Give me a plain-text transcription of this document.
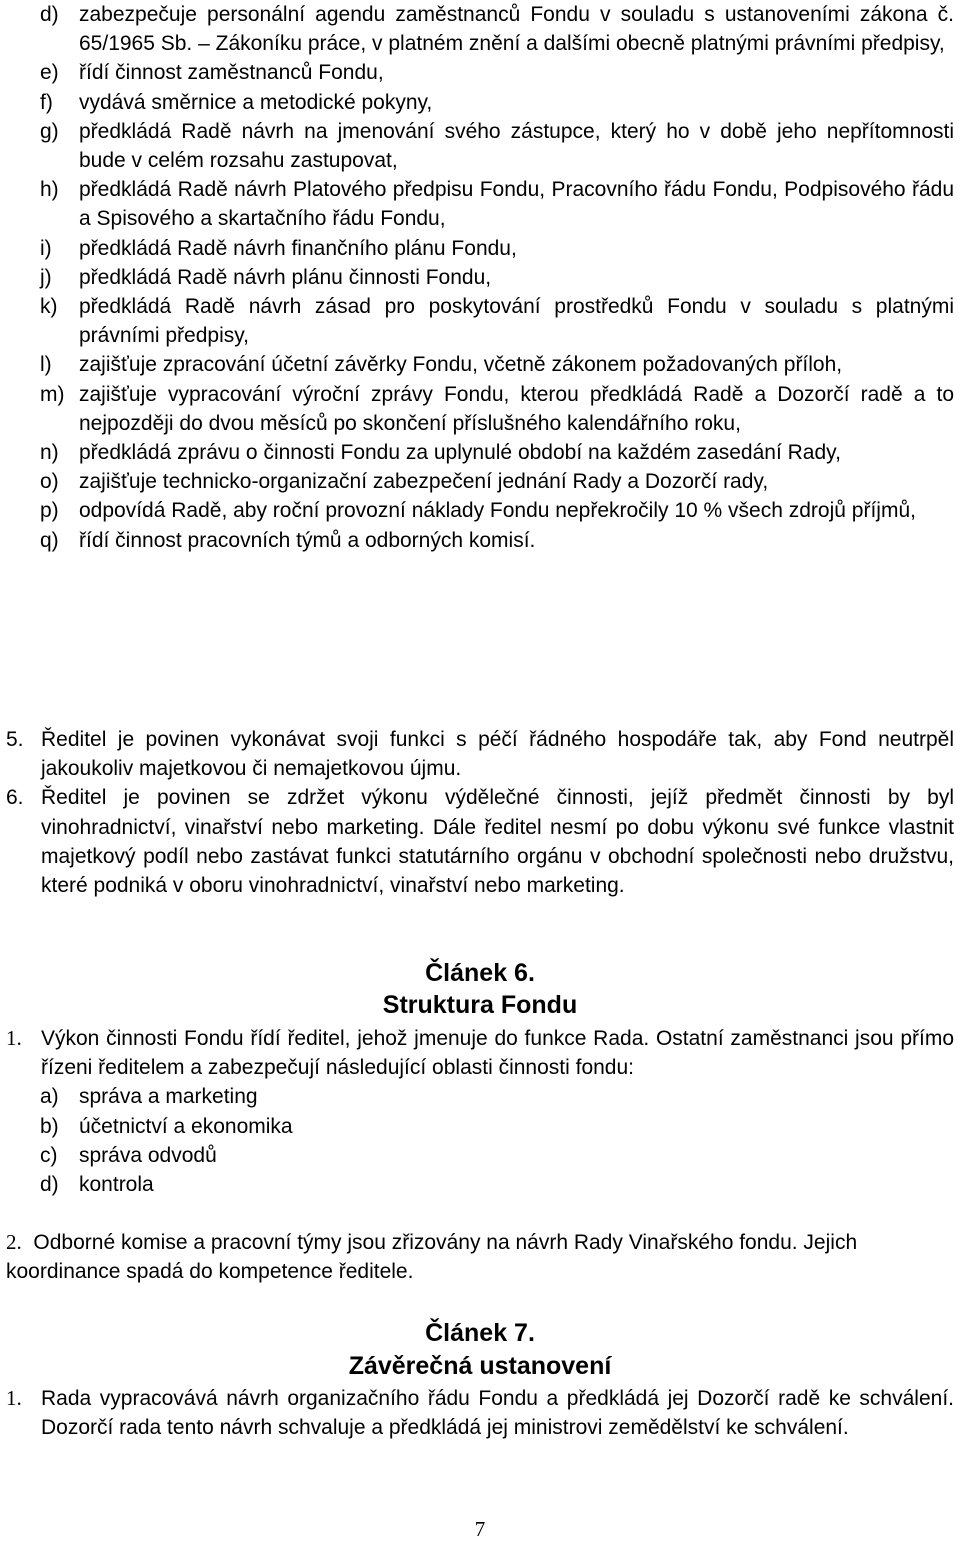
d) zabezpečuje personální agendu zaměstnanců Fondu v souladu s ustanoveními zákona č. 65/1965 Sb. – Zákoníku práce, v platném znění a dalšími obecně platnými právními předpisy,
e) řídí činnost zaměstnanců Fondu,
f) vydává směrnice a metodické pokyny,
g) předkládá Radě návrh na jmenování svého zástupce, který ho v době jeho nepřítomnosti bude v celém rozsahu zastupovat,
h) předkládá Radě návrh Platového předpisu Fondu, Pracovního řádu Fondu, Podpisového řádu a Spisového a skartačního řádu Fondu,
i) předkládá Radě návrh finančního plánu Fondu,
j) předkládá Radě návrh plánu činnosti Fondu,
k) předkládá Radě návrh zásad pro poskytování prostředků Fondu v souladu s platnými právními předpisy,
l) zajišťuje zpracování účetní závěrky Fondu, včetně zákonem požadovaných příloh,
m) zajišťuje vypracování výroční zprávy Fondu, kterou předkládá Radě a Dozorčí radě a to nejpozději do dvou měsíců po skončení příslušného kalendářního roku,
n) předkládá zprávu o činnosti Fondu za uplynulé období na každém zasedání Rady,
o) zajišťuje technicko-organizační zabezpečení jednání Rady a Dozorčí rady,
p) odpovídá Radě, aby roční provozní náklady Fondu nepřekročily 10 % všech zdrojů příjmů,
q) řídí činnost pracovních týmů a odborných komisí.
5. Ředitel je povinen vykonávat svoji funkci s péčí řádného hospodáře tak, aby Fond neutrpěl jakoukoliv majetkovou či nemajetkovou újmu.
6. Ředitel je povinen se zdržet výkonu výdělečné činnosti, jejíž předmět činnosti by byl vinohradnictví, vinařství nebo marketing. Dále ředitel nesmí po dobu výkonu své funkce vlastnit majetkový podíl nebo zastávat funkci statutárního orgánu v obchodní společnosti nebo družstvu, které podniká v oboru vinohradnictví, vinařství nebo marketing.
Článek 6.
Struktura Fondu
1. Výkon činnosti Fondu řídí ředitel, jehož jmenuje do funkce Rada. Ostatní zaměstnanci jsou přímo řízeni ředitelem a zabezpečují následující oblasti činnosti fondu:
a) správa a marketing
b) účetnictví a ekonomika
c) správa odvodů
d) kontrola
2. Odborné komise a pracovní týmy jsou zřizovány na návrh Rady Vinařského fondu. Jejich koordinance spadá do kompetence ředitele.
Článek 7.
Závěrečná ustanovení
1. Rada vypracovává návrh organizačního řádu Fondu a předkládá jej Dozorčí radě ke schválení. Dozorčí rada tento návrh schvaluje a předkládá jej ministrovi zemědělství ke schválení.
7
